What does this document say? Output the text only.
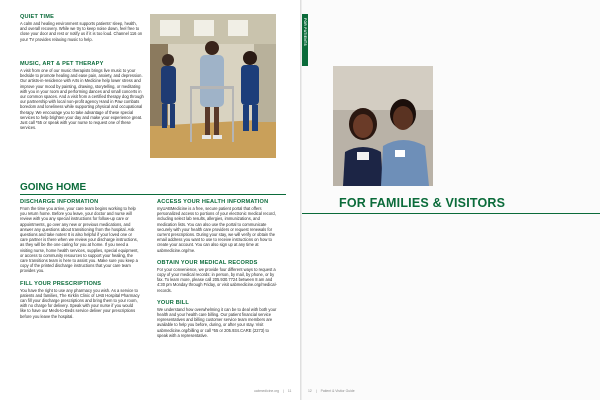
QUIET TIME

A calm and healing environment supports patients' sleep, health, and overall recovery. While we try to keep noise down, feel free to close your door and rest or notify us if it is too loud. Channel 116 on your TV provides relaxing music to help.

MUSIC, ART & PET THERAPY

A visit from one of our music therapists brings live music to your bedside to promote healing and ease pain, anxiety, and depression. Our artists-in-residence with Arts in Medicine help lower stress and improve your mood by painting, drawing, storytelling, or meditating with you in your room and performing dances and small concerts in our common spaces. And a visit from a certified therapy dog through our partnership with local non-profit agency Hand in Paw combats boredom and loneliness while supporting physical and occupational therapy. We encourage you to take advantage of these special services to help brighten your day and make your experience great. Just call *55 or speak with your nurse to request one of these services.

GOING HOME

DISCHARGE INFORMATION

From the time you arrive, your care team begins working to help you return home. Before you leave, your doctor and nurse will review with you any special instructions for follow-up care or appointments, go over any new or previous medications, and answer any questions about transitioning from the hospital. Ask questions and take notes! It is also helpful if your loved one or care partner is there when we review your discharge instructions, as they will be the one caring for you at home. If you need a visiting nurse, home health services, supplies, special equipment, or access to community resources to support your healing, the care transitions team is here to assist you. Make sure you keep a copy of the printed discharge instructions that your care team provides you.

FILL YOUR PRESCRIPTIONS

You have the right to use any pharmacy you wish. As a service to patients and families, The Kirklin Clinic of UAB Hospital Pharmacy can fill your discharge prescriptions and bring them to your room, with no charge for delivery. Speak with your nurse if you would like to have our Meds-to-Beds service deliver your prescriptions before you leave the hospital.

ACCESS YOUR HEALTH INFORMATION

myUABMedicine is a free, secure patient portal that offers personalized access to portions of your electronic medical record, including select lab results, allergies, immunizations, and medication lists. You can also use the portal to communicate securely with your health care providers or request renewals for current prescriptions. During your stay, we will verify or obtain the email address you want to use to receive instructions on how to create your account. You can also sign up at any time at uabmedicine.org/me.

OBTAIN YOUR MEDICAL RECORDS

For your convenience, we provide four different ways to request a copy of your medical records: in person, by mail, by phone, or by fax. To learn more, please call 205.930.7724 between 8 am and 4:30 pm Monday through Friday, or visit uabmedicine.org/medical-records.

YOUR BILL

We understand how overwhelming it can be to deal with both your health and your health care billing. Our patient financial service representatives and billing customer service team members are available to help you before, during, or after your stay. Visit uabmedicine.org/billing or call *55 or 205.934.CARE (2273) to speak with a representative.

uabmedicine.org | 11
FOR PATIENTS

FOR FAMILIES & VISITORS

12 | Patient & Visitor Guide
